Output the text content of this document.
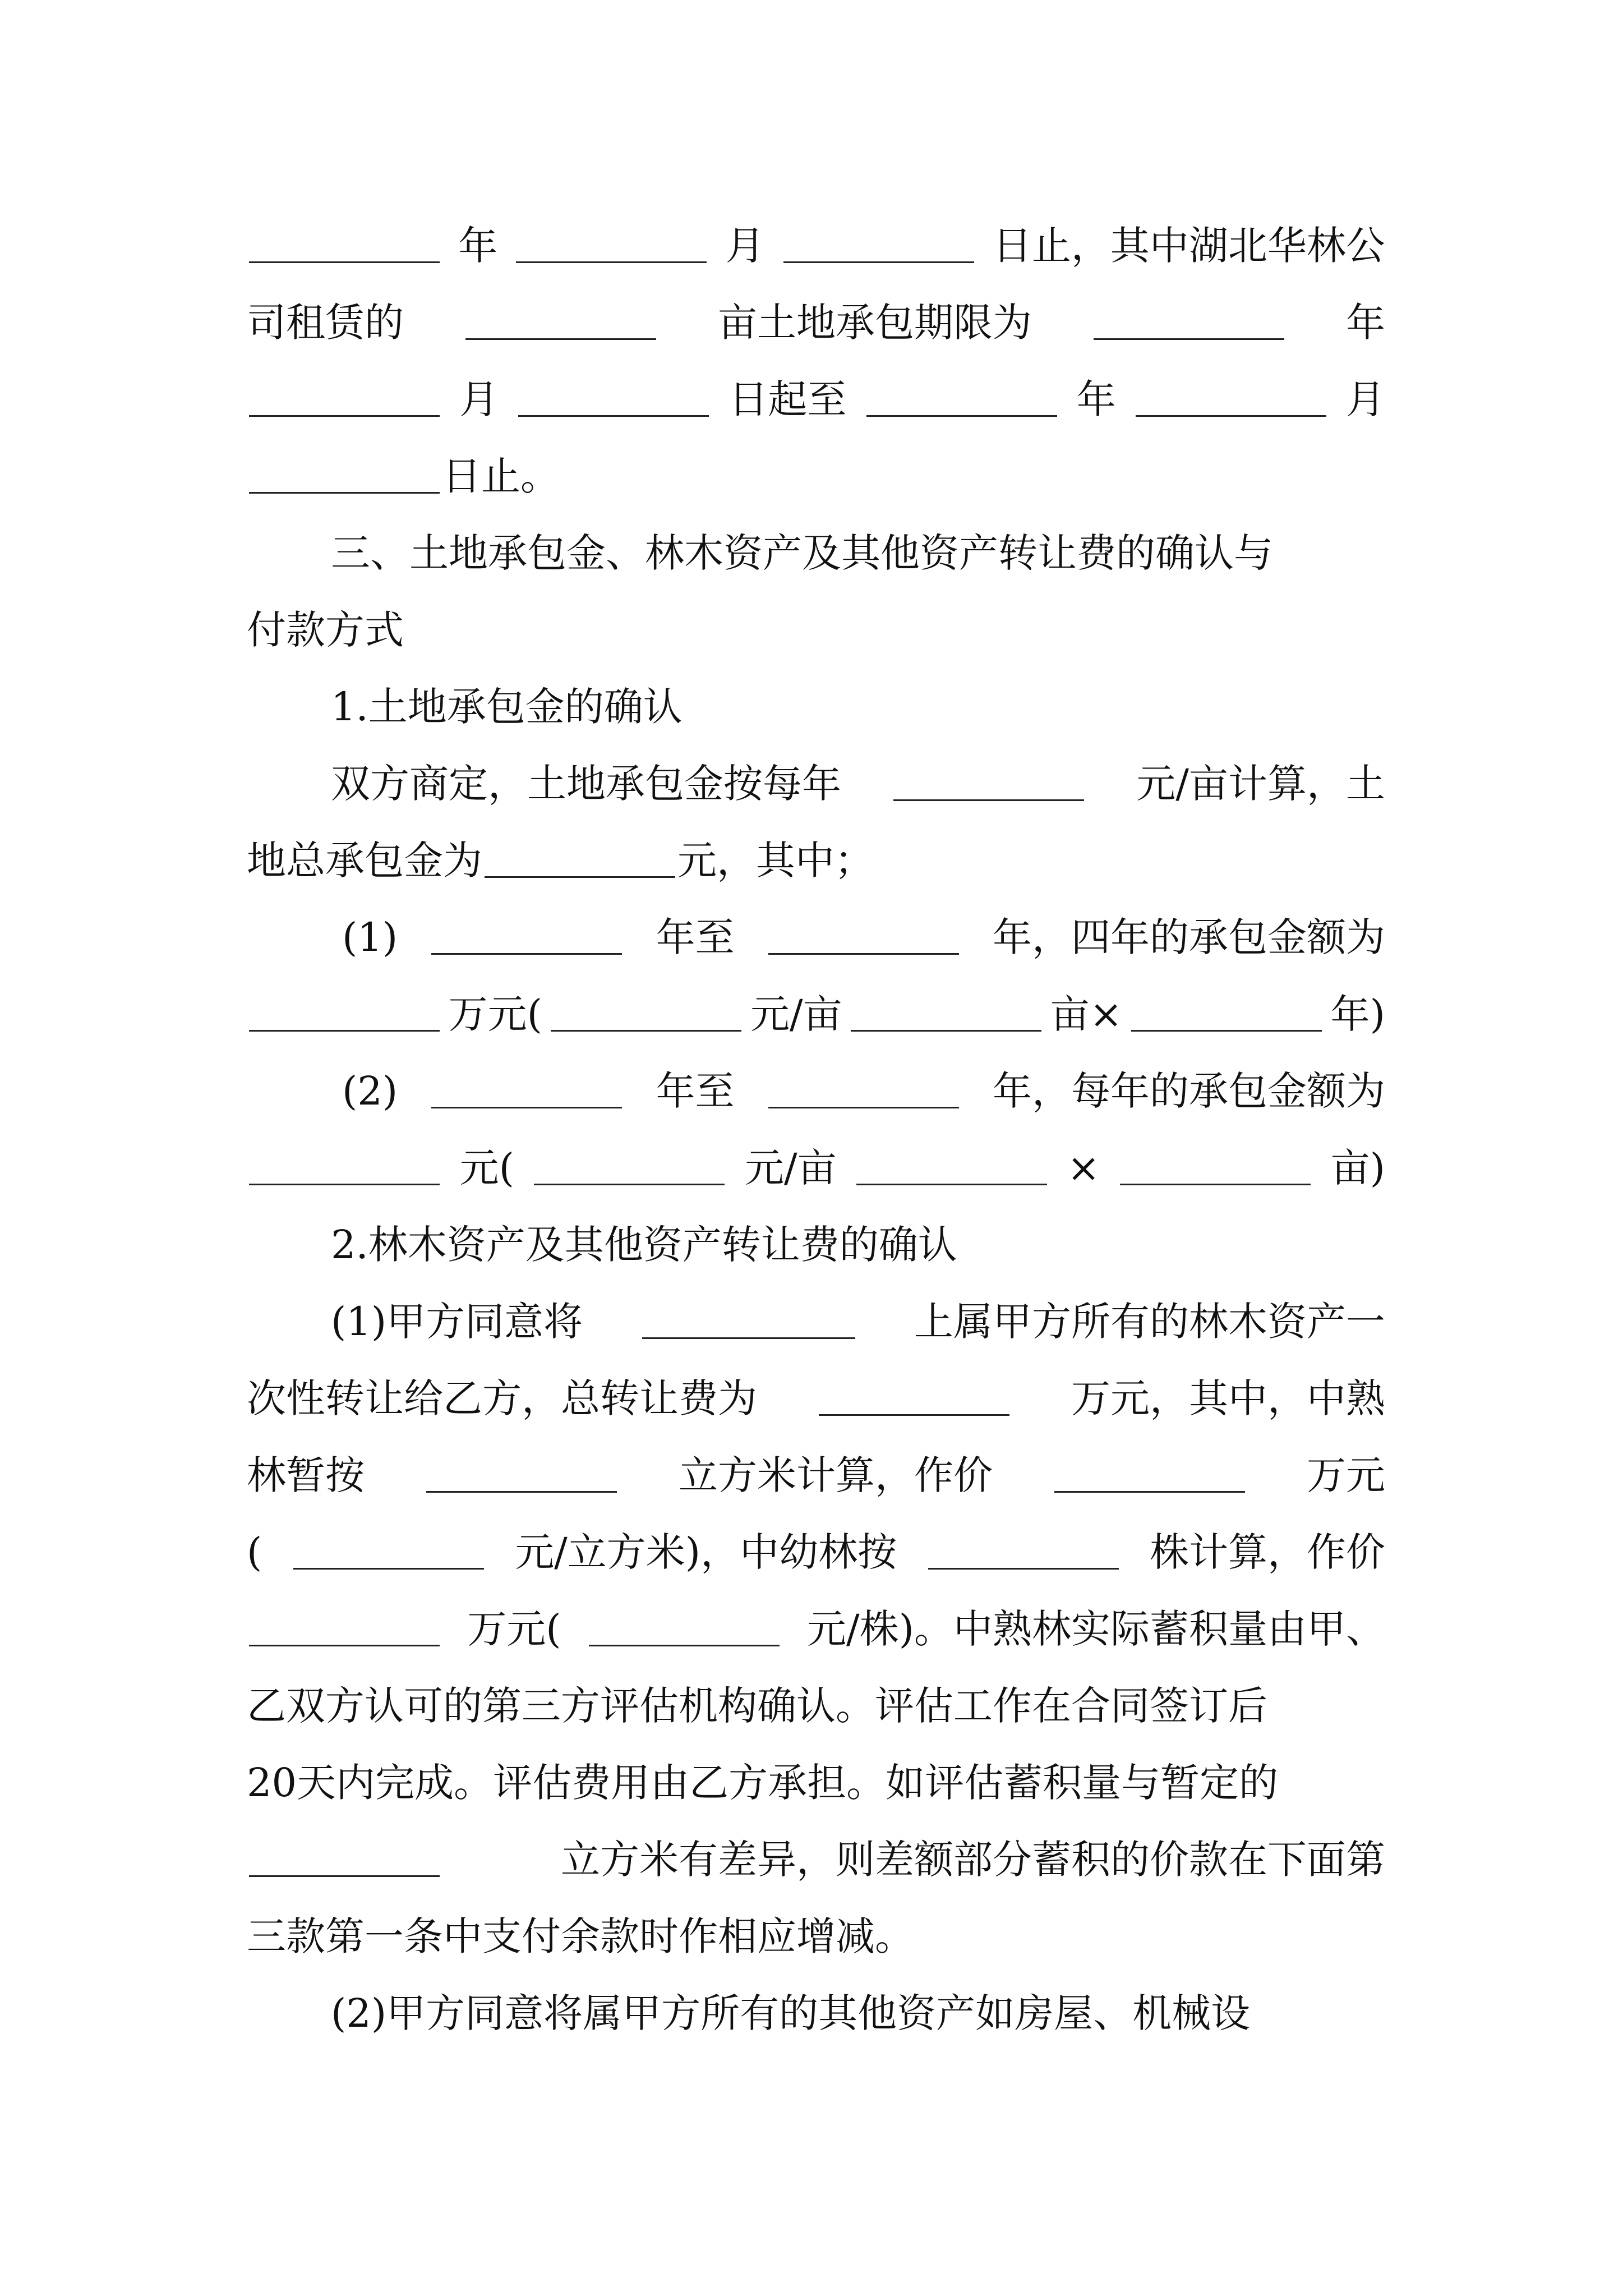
年	月	日止，其中湖北华林公
司租赁的	亩土地承包期限为	年
月	日起至	年	月
日止。
三、土地承包金、林木资产及其他资产转让费的确认与
付款方式
1.土地承包金的确认
双方商定，土地承包金按每年	元/亩计算，土
地总承包金为	元，其中；
(1)	年至	年，四年的承包金额为
万元(	元/亩	亩×	年)
(2)	年至	年，每年的承包金额为
元(	元/亩	×	亩)
2.林木资产及其他资产转让费的确认
(1)甲方同意将	上属甲方所有的林木资产一
次性转让给乙方，总转让费为	万元，其中，中熟
林暂按	立方米计算，作价	万元
(	元/立方米)，中幼林按	株计算，作价
万元(	元/株)。中熟林实际蓄积量由甲、
乙双方认可的第三方评估机构确认。评估工作在合同签订后
20天内完成。评估费用由乙方承担。如评估蓄积量与暂定的
立方米有差异，则差额部分蓄积的价款在下面第
三款第一条中支付余款时作相应增减。
(2)甲方同意将属甲方所有的其他资产如房屋、机械设
